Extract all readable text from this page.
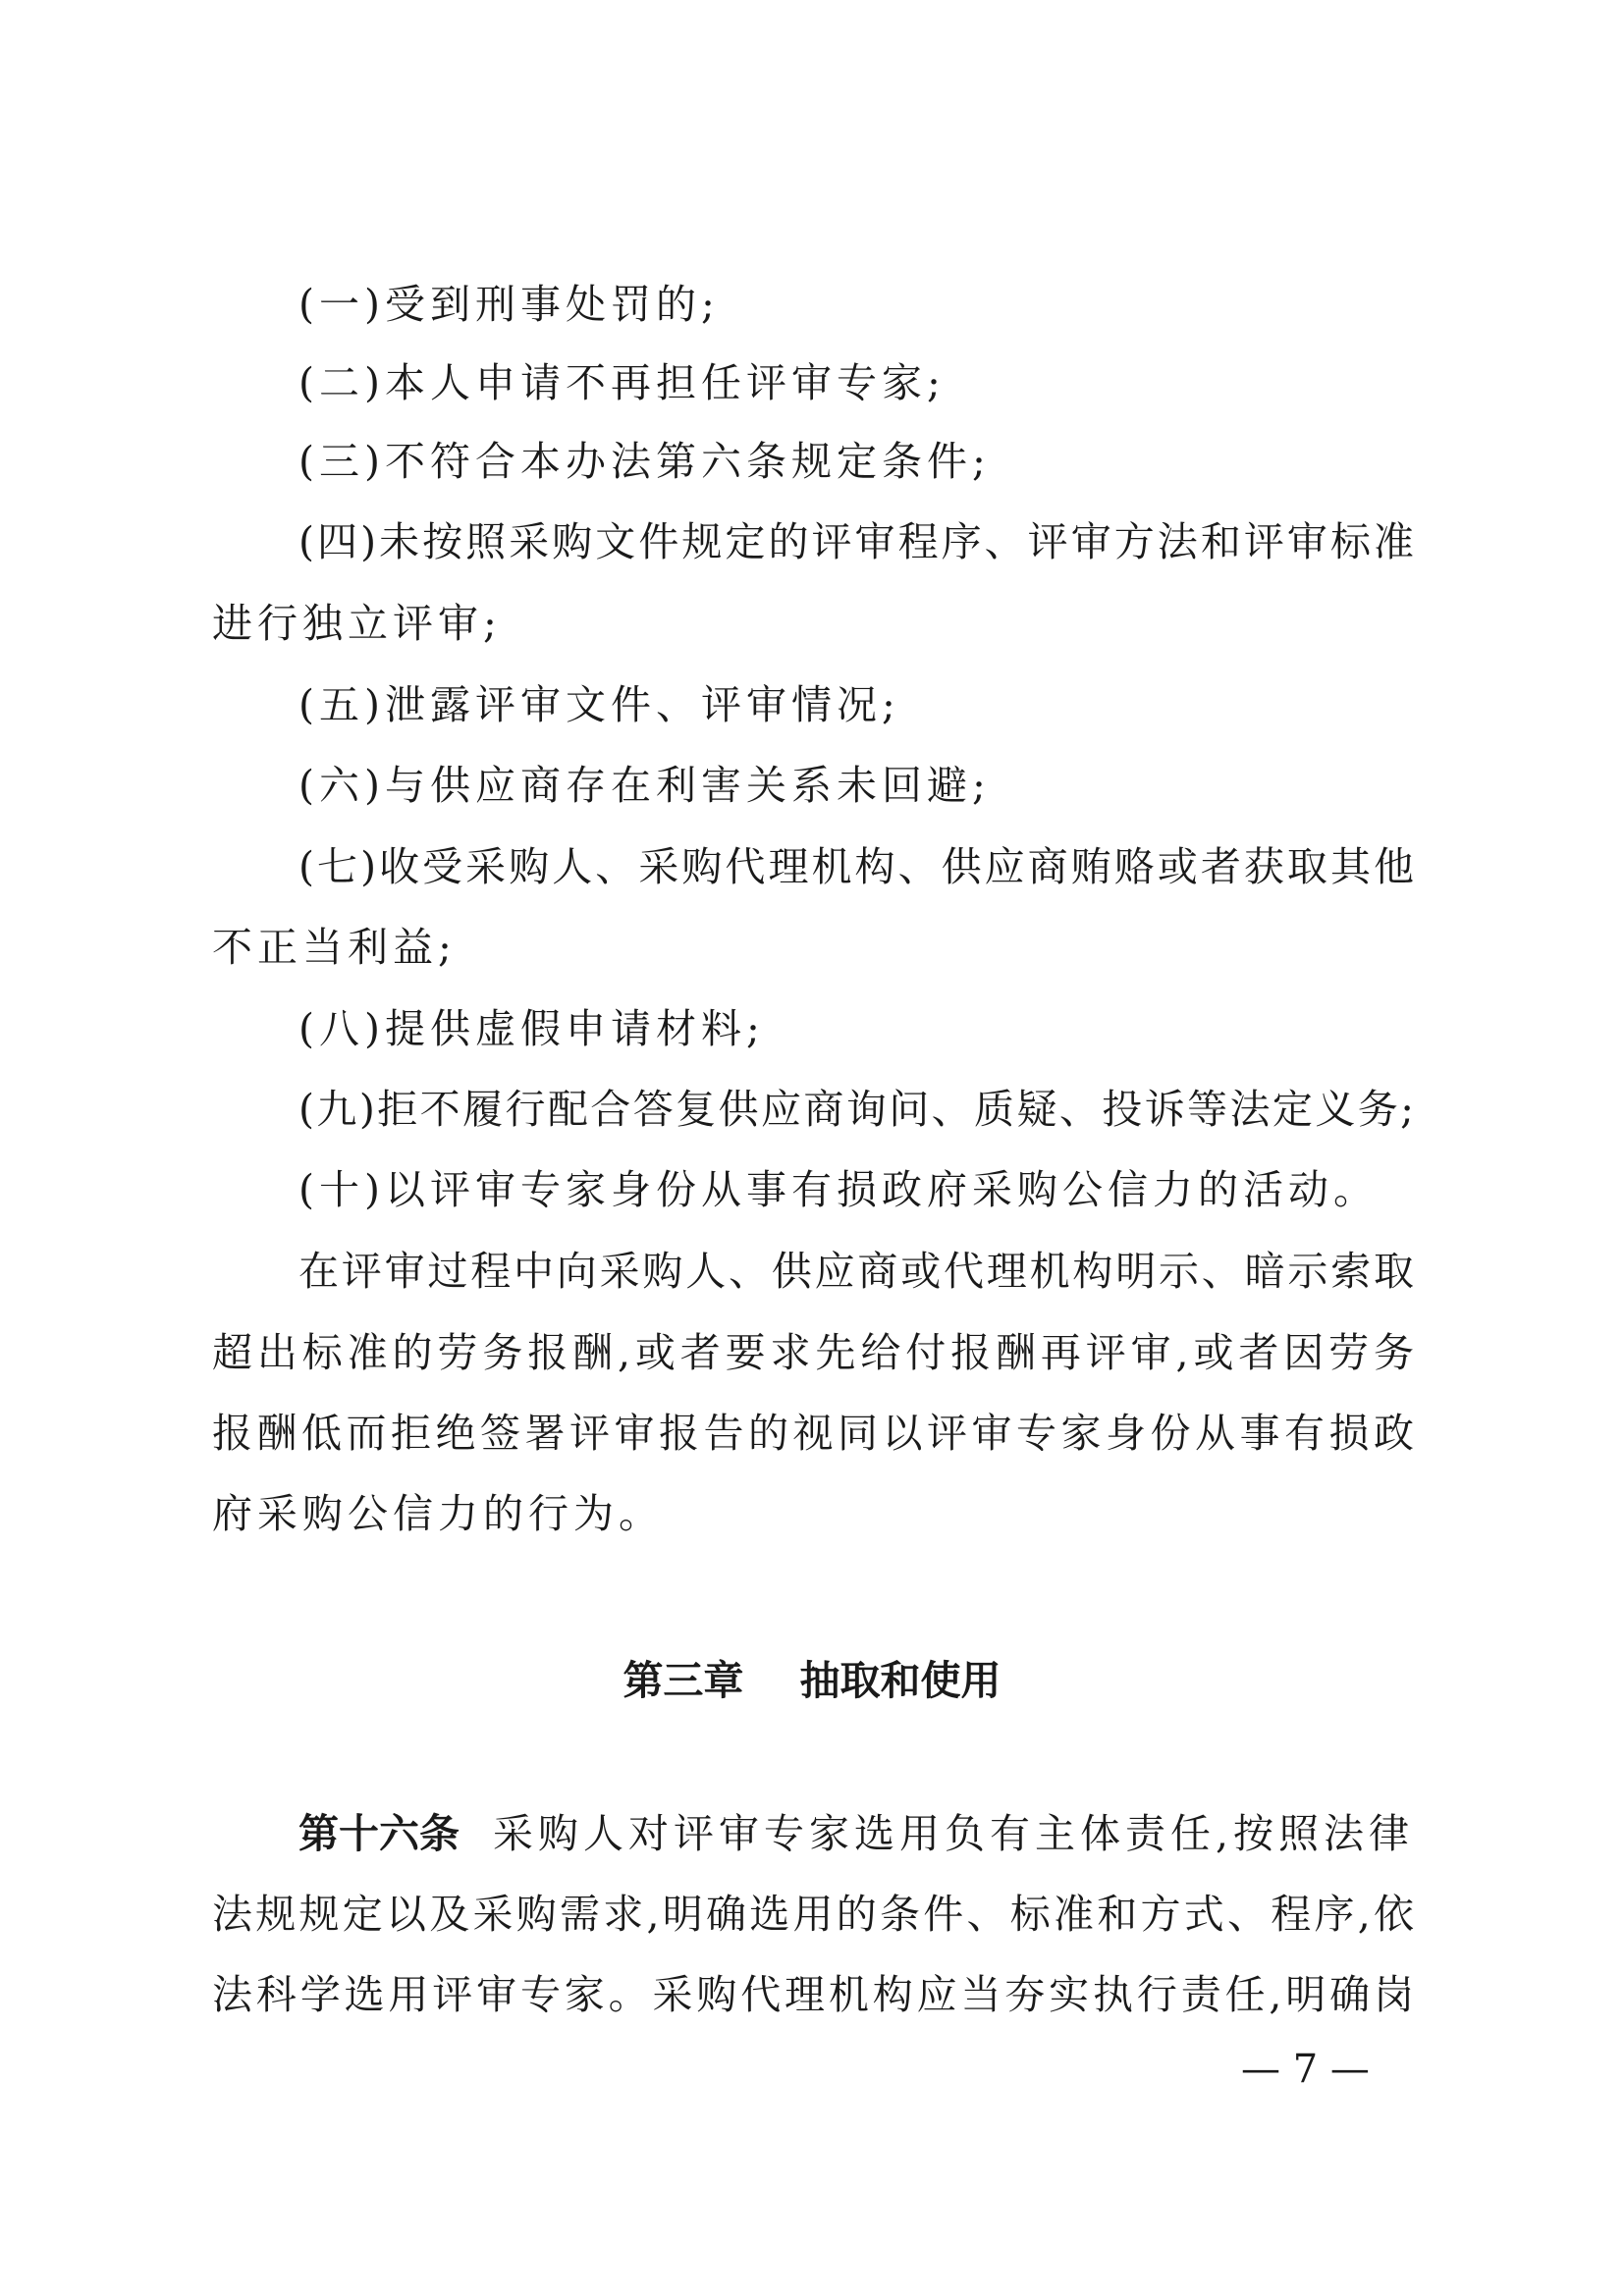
(一)受到刑事处罚的;
(二)本人申请不再担任评审专家;
(三)不符合本办法第六条规定条件;
(四)未按照采购文件规定的评审程序、评审方法和评审标准
进行独立评审;
(五)泄露评审文件、评审情况;
(六)与供应商存在利害关系未回避;
(七)收受采购人、采购代理机构、供应商贿赂或者获取其他
不正当利益;
(八)提供虚假申请材料;
(九)拒不履行配合答复供应商询问、质疑、投诉等法定义务;
(十)以评审专家身份从事有损政府采购公信力的活动。
在评审过程中向采购人、供应商或代理机构明示、暗示索取
超出标准的劳务报酬,或者要求先给付报酬再评审,或者因劳务
报酬低而拒绝签署评审报告的视同以评审专家身份从事有损政
府采购公信力的行为。
第三章    抽取和使用
第十六条 采购人对评审专家选用负有主体责任,按照法律
法规规定以及采购需求,明确选用的条件、标准和方式、程序,依
法科学选用评审专家。采购代理机构应当夯实执行责任,明确岗
— 7 —
